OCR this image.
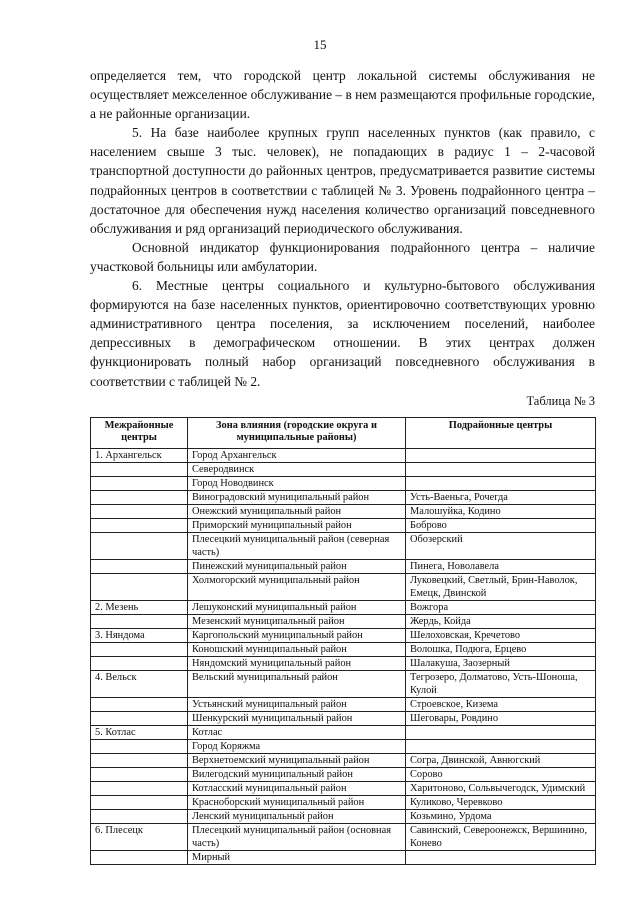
15

определяется тем, что городской центр локальной системы обслуживания не осуществляет межселенное обслуживание – в нем размещаются профильные городские, а не районные организации.

5. На базе наиболее крупных групп населенных пунктов (как правило, с населением свыше 3 тыс. человек), не попадающих в радиус 1 – 2-часовой транспортной доступности до районных центров, предусматривается развитие системы подрайонных центров в соответствии с таблицей № 3. Уровень подрайонного центра – достаточное для обеспечения нужд населения количество организаций повседневного обслуживания и ряд организаций периодического обслуживания.

Основной индикатор функционирования подрайонного центра – наличие участковой больницы или амбулатории.

6. Местные центры социального и культурно-бытового обслуживания формируются на базе населенных пунктов, ориентировочно соответствующих уровню административного центра поселения, за исключением поселений, наиболее депрессивных в демографическом отношении. В этих центрах должен функционировать полный набор организаций повседневного обслуживания в соответствии с таблицей № 2.

Таблица № 3
Межрайонные центры	Зона влияния (городские округа и муниципальные районы)	Подрайонные центры
1. Архангельск	Город Архангельск	
	Северодвинск	
	Город Новодвинск	
	Виноградовский муниципальный район	Усть-Ваеньга, Рочегда
	Онежский муниципальный район	Малошуйка, Кодино
	Приморский муниципальный район	Боброво
	Плесецкий муниципальный район (северная часть)	Обозерский
	Пинежский муниципальный район	Пинега, Новолавела
	Холмогорский муниципальный район	Луковецкий, Светлый, Брин-Наволок, Емецк, Двинской
2. Мезень	Лешуконский муниципальный район	Вожгора
	Мезенский муниципальный район	Жердь, Койда
3. Няндома	Каргопольский муниципальный район	Шелоховская, Кречетово
	Коношский муниципальный район	Волошка, Подюга, Ерцево
	Няндомский муниципальный район	Шалакуша, Заозерный
4. Вельск	Вельский муниципальный район	Тегрозеро, Долматово, Усть-Шоноша, Кулой
	Устьянский муниципальный район	Строевское, Кизема
	Шенкурский муниципальный район	Шеговары, Ровдино
5. Котлас	Котлас	
	Город Коряжма	
	Верхнетоемский муниципальный район	Согра, Двинской, Авнюгский
	Вилегодский муниципальный район	Сорово
	Котласский муниципальный район	Харитоново, Сольвычегодск, Удимский
	Красноборский муниципальный район	Куликово, Черевково
	Ленский муниципальный район	Козьмино, Урдома
6. Плесецк	Плесецкий муниципальный район (основная часть)	Савинский, Североонежск, Вершинино, Конево
	Мирный	
